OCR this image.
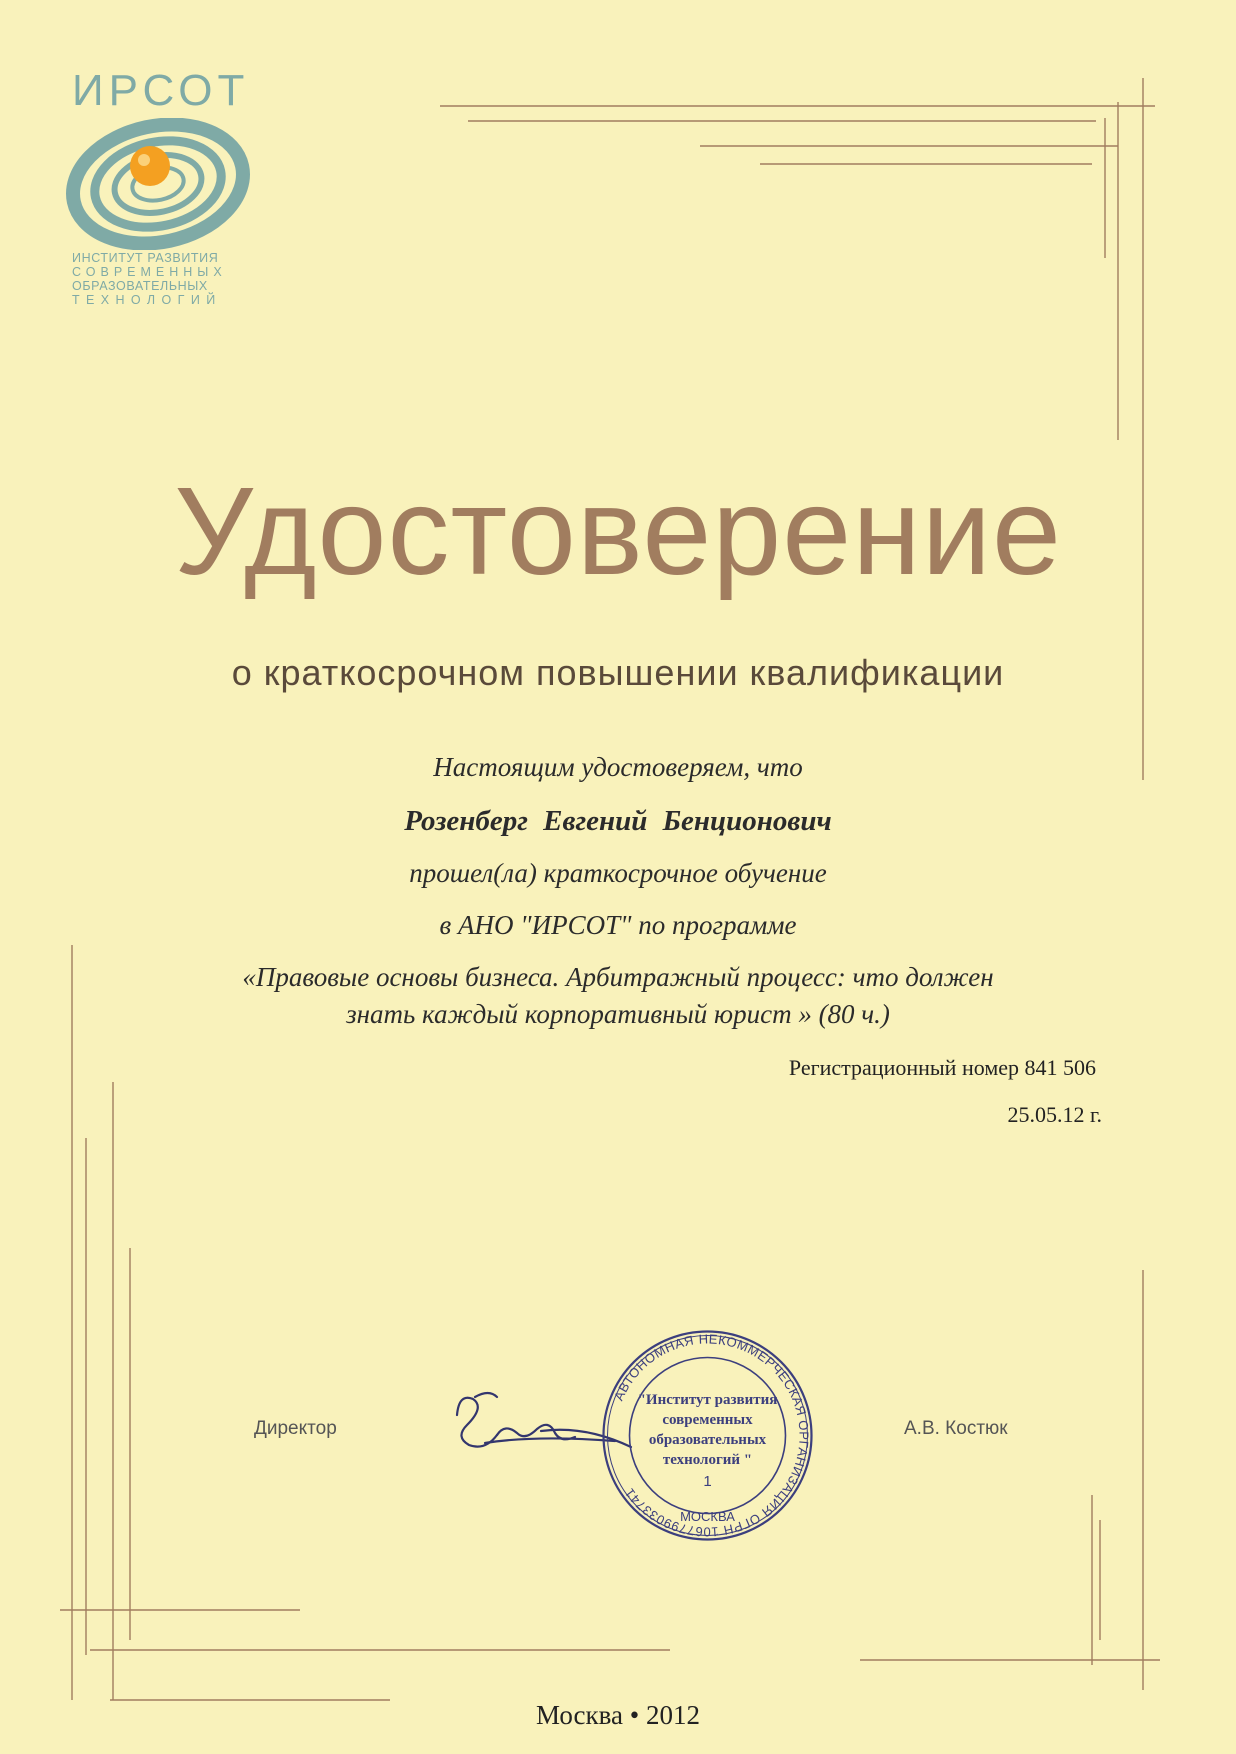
ИРСОТ
ИНСТИТУТ РАЗВИТИЯ
СОВРЕМЕННЫХ
ОБРАЗОВАТЕЛЬНЫХ
ТЕХНОЛОГИЙ
Удостоверение
о краткосрочном повышении квалификации
Настоящим удостоверяем, что
Розенберг Евгений Бенционович
прошел(ла) краткосрочное обучение
в АНО "ИРСОТ" по программе
«Правовые основы бизнеса. Арбитражный процесс: что должен
знать каждый корпоративный юрист » (80 ч.)
Регистрационный номер 841 506
25.05.12 г.
Директор
АВТОНОМНАЯ НЕКОММЕРЧЕСКАЯ ОРГАНИЗАЦИЯ ОГРН 1067799033741
"Институт развития
современных
образовательных
технологий "
1
МОСКВА
А.В. Костюк
Москва • 2012
